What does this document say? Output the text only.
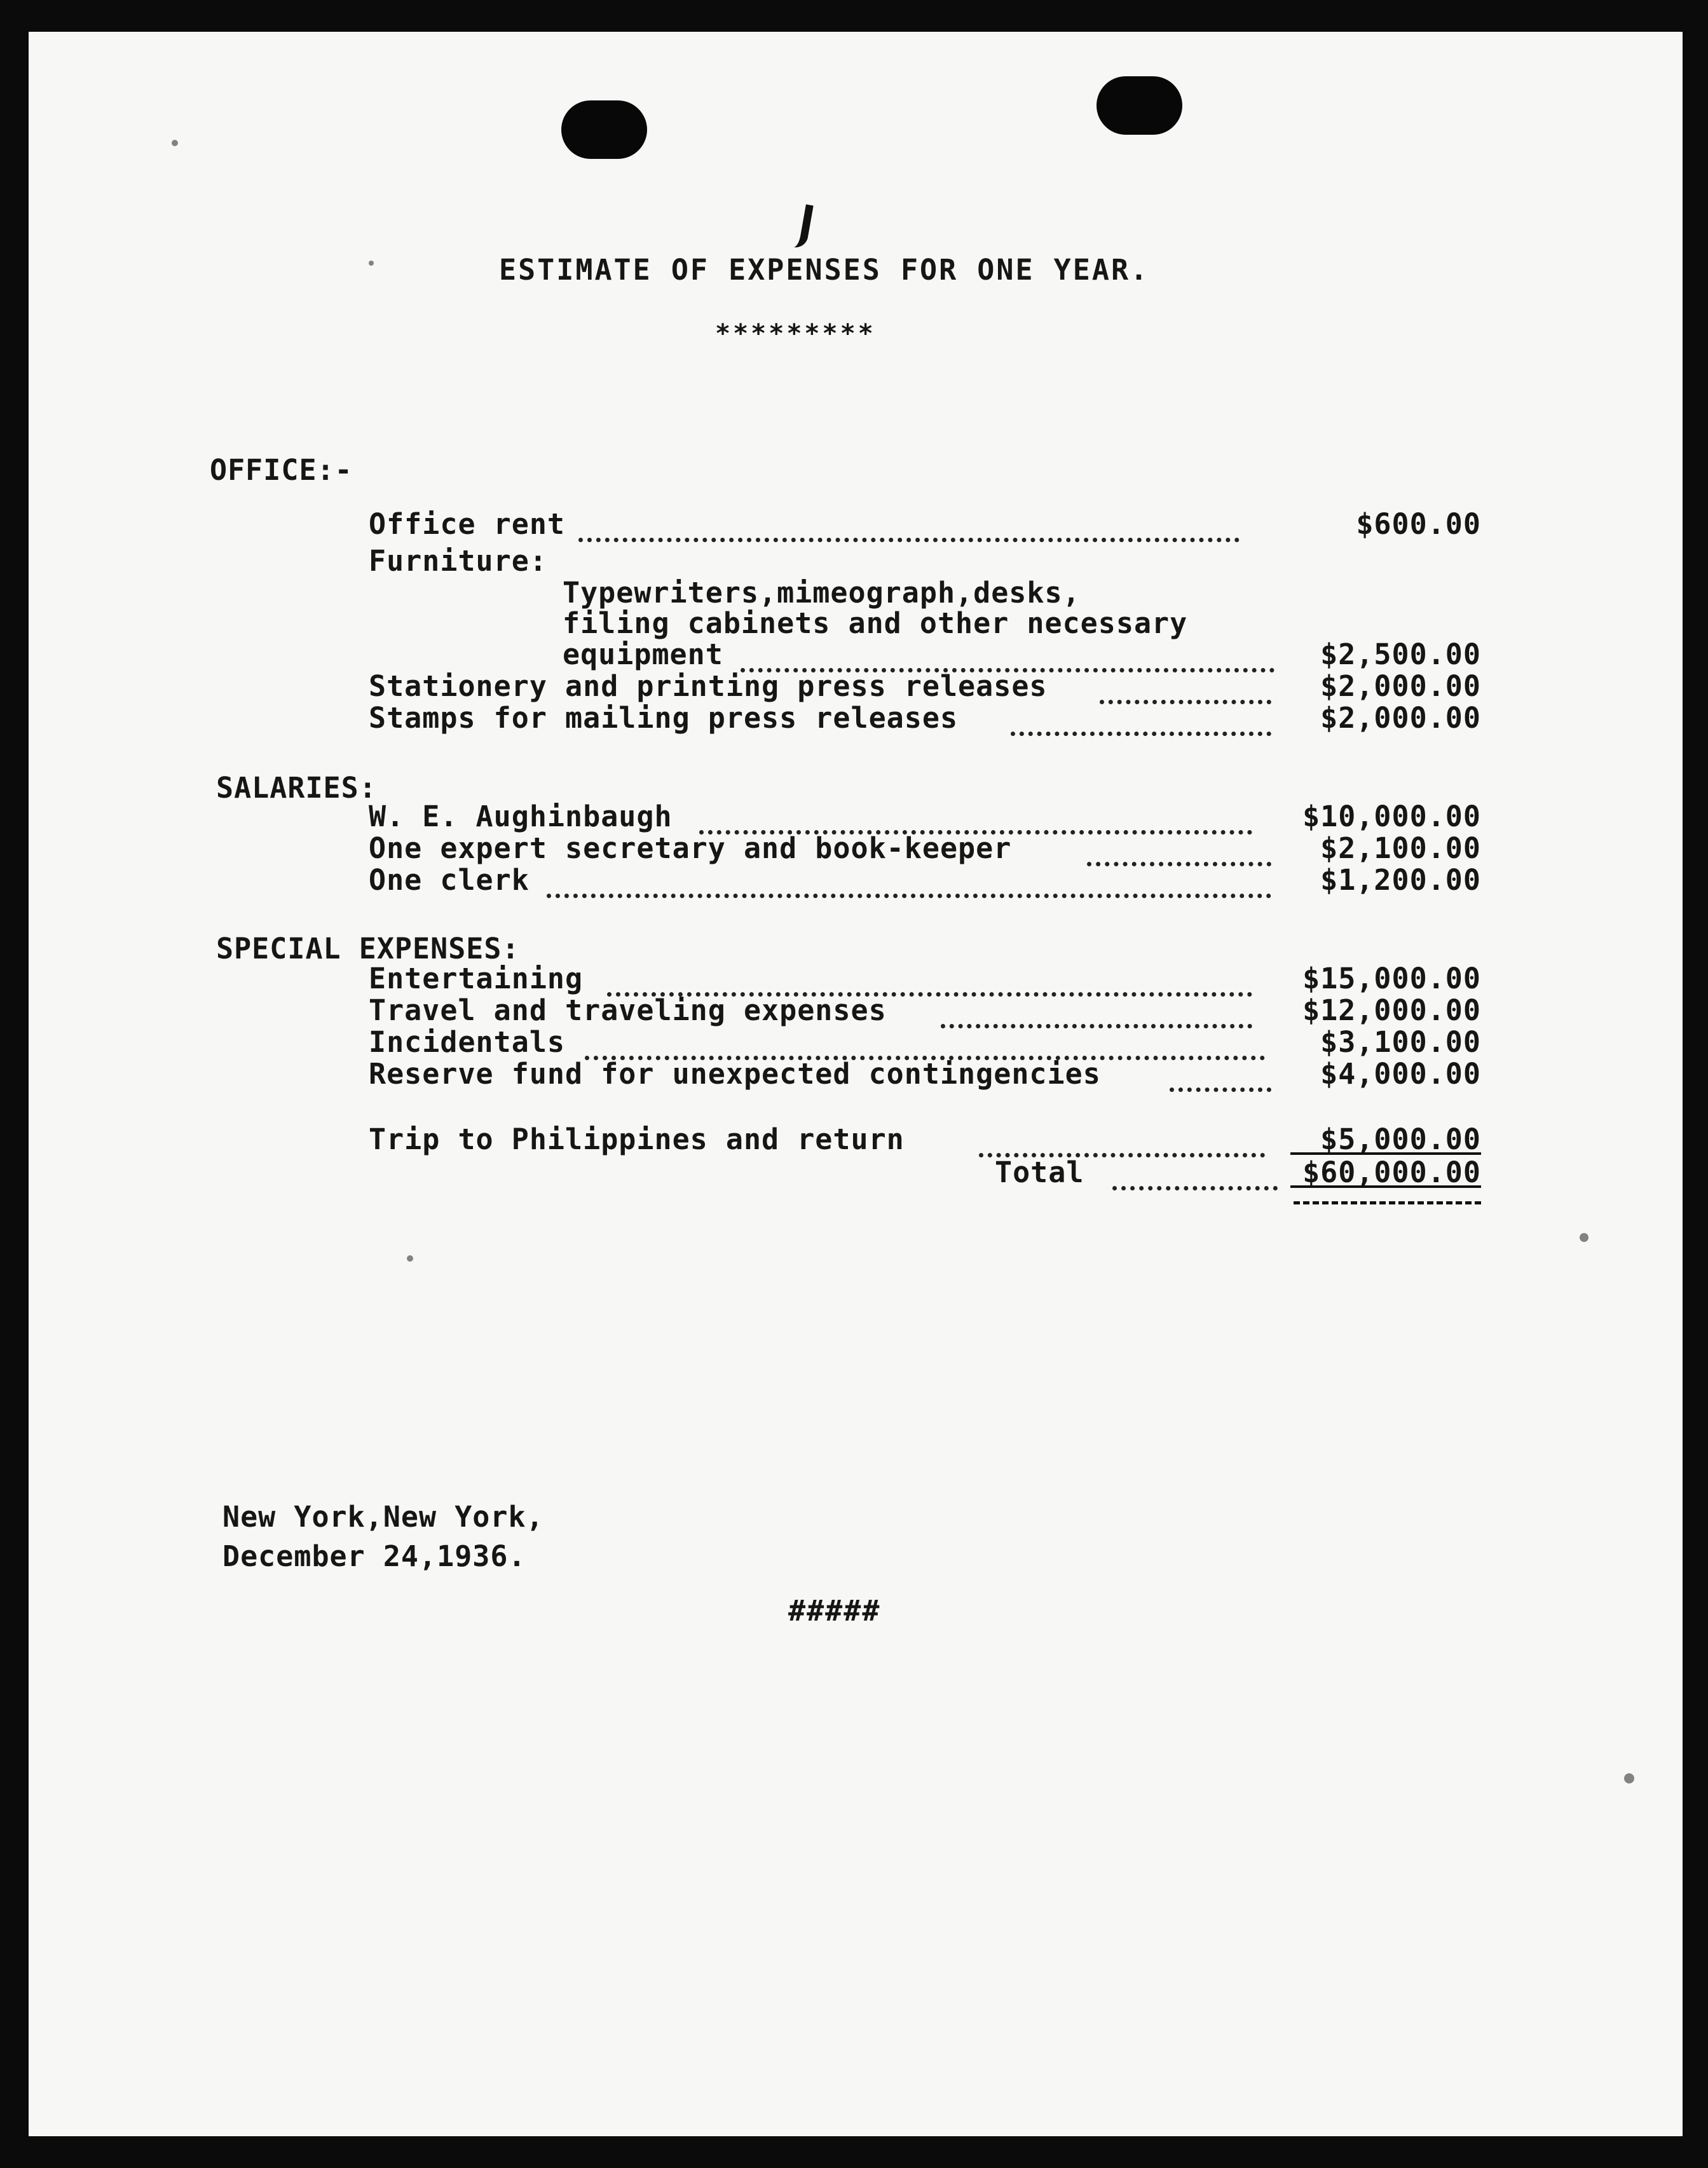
ESTIMATE OF EXPENSES FOR ONE YEAR.
*********
OFFICE:-
Office rent	$600.00
Furniture:
Typewriters,mimeograph,desks,
filing cabinets and other necessary
equipment	$2,500.00
Stationery and printing press releases	$2,000.00
Stamps for mailing press releases	$2,000.00
SALARIES:
W. E. Aughinbaugh	$10,000.00
One expert secretary and book-keeper	$2,100.00
One clerk	$1,200.00
SPECIAL EXPENSES:
Entertaining	$15,000.00
Travel and traveling expenses	$12,000.00
Incidentals	$3,100.00
Reserve fund for unexpected contingencies	$4,000.00
Trip to Philippines and return	$5,000.00
Total	$60,000.00
New York,New York,
December 24,1936.
#####
